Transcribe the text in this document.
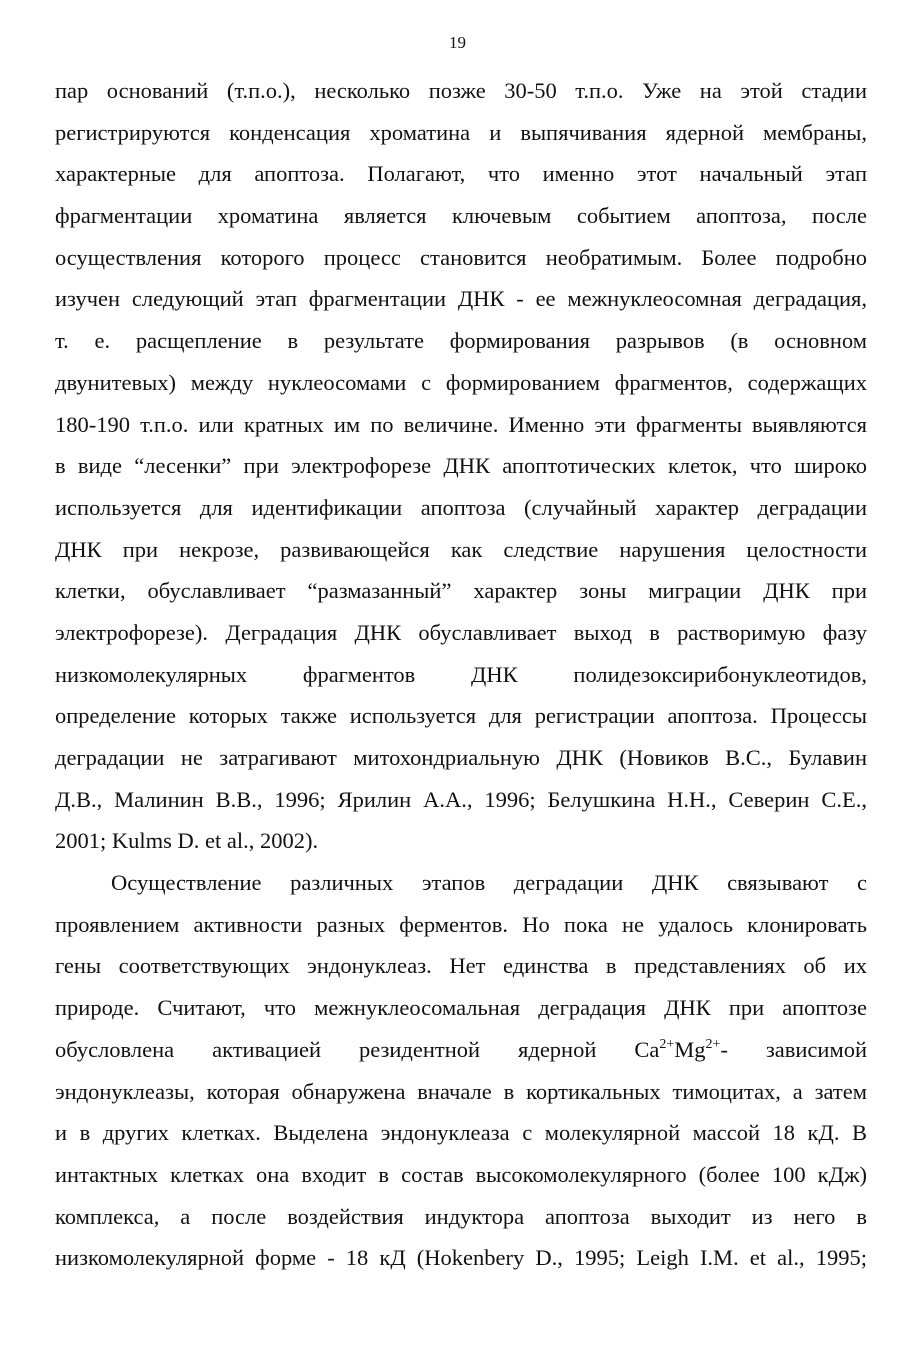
19
пар оснований (т.п.о.), несколько позже 30-50 т.п.о. Уже на этой стадии
регистрируются конденсация хроматина и выпячивания ядерной мембраны,
характерные для апоптоза. Полагают, что именно этот начальный этап
фрагментации хроматина является ключевым событием апоптоза, после
осуществления которого процесс становится необратимым. Более подробно
изучен следующий этап фрагментации ДНК - ее межнуклеосомная деградация,
т. е. расщепление в результате формирования разрывов (в основном
двунитевых) между нуклеосомами с формированием фрагментов, содержащих
180-190 т.п.о. или кратных им по величине. Именно эти фрагменты выявляются
в виде “лесенки” при электрофорезе ДНК апоптотических клеток, что широко
используется для идентификации апоптоза (случайный характер деградации
ДНК при некрозе, развивающейся как следствие нарушения целостности
клетки, обуславливает “размазанный” характер зоны миграции ДНК при
электрофорезе). Деградация ДНК обуславливает выход в растворимую фазу
низкомолекулярных фрагментов ДНК полидезоксирибонуклеотидов,
определение которых также используется для регистрации апоптоза. Процессы
деградации не затрагивают митохондриальную ДНК (Новиков В.С., Булавин
Д.В., Малинин В.В., 1996; Ярилин А.А., 1996; Белушкина Н.Н., Северин С.Е.,
2001; Kulms D. et al., 2002).
Осуществление различных этапов деградации ДНК связывают с
проявлением активности разных ферментов. Но пока не удалось клонировать
гены соответствующих эндонуклеаз. Нет единства в представлениях об их
природе. Считают, что межнуклеосомальная деградация ДНК при апоптозе
обусловлена активацией резидентной ядерной $Ca^{2+}Mg^{2+}-$ зависимой
эндонуклеазы, которая обнаружена вначале в кортикальных тимоцитах, а затем
и в других клетках. Выделена эндонуклеаза с молекулярной массой 18 кД. В
интактных клетках она входит в состав высокомолекулярного (более 100 кДж)
комплекса, а после воздействия индуктора апоптоза выходит из него в
низкомолекулярной форме - 18 кД (Hokenbery D., 1995; Leigh I.M. et al., 1995;
